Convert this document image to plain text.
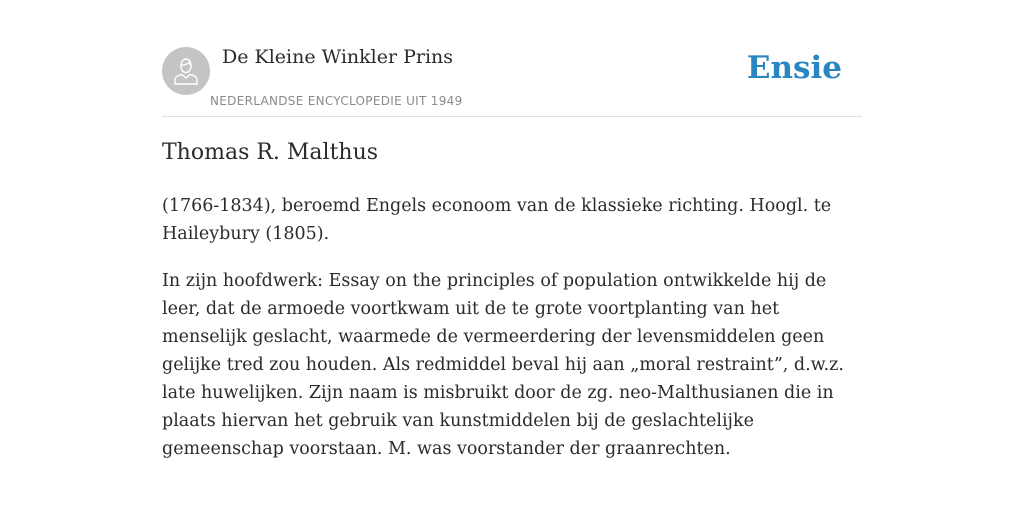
De Kleine Winkler Prins
NEDERLANDSE ENCYCLOPEDIE UIT 1949
Ensie
Thomas R. Malthus

(1766-1834), beroemd Engels econoom van de klassieke richting. Hoogl. te Haileybury (1805).

In zijn hoofdwerk: Essay on the principles of population ontwikkelde hij de leer, dat de armoede voortkwam uit de te grote voortplanting van het menselijk geslacht, waarmede de vermeerdering der levensmiddelen geen gelijke tred zou houden. Als redmiddel beval hij aan „moral restraint”, d.w.z. late huwelijken. Zijn naam is misbruikt door de zg. neo-Malthusianen die in plaats hiervan het gebruik van kunstmiddelen bij de geslachtelijke gemeenschap voorstaan. M. was voorstander der graanrechten.
